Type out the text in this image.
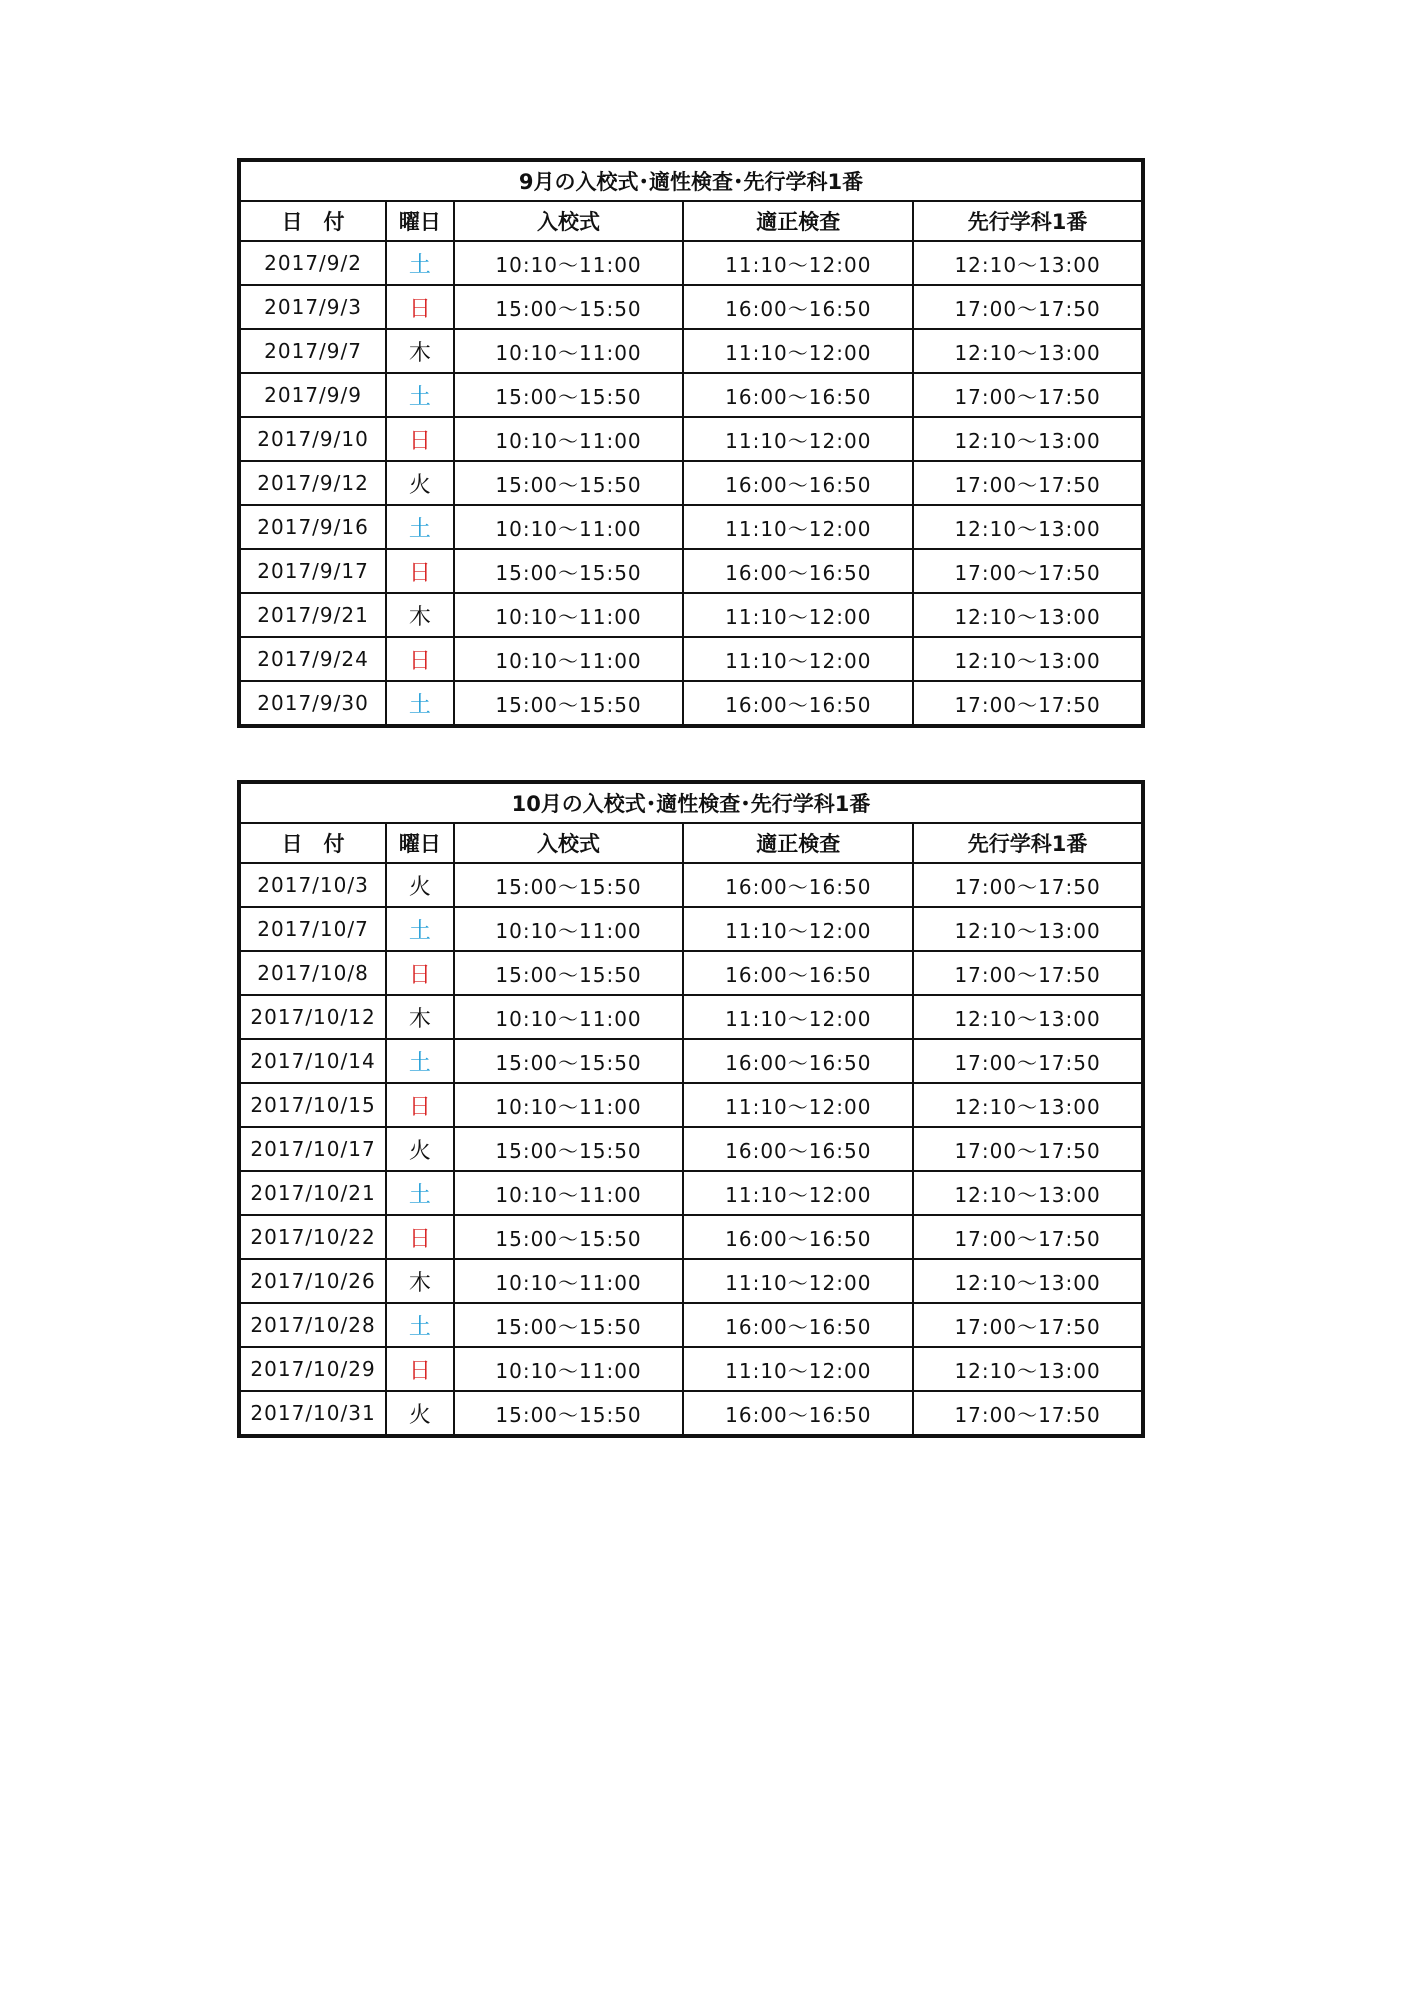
9月の入校式･適性検査･先行学科1番				
日　付	曜日	入校式	適正検査	先行学科1番
2017/9/2	土	10:10～11:00	11:10～12:00	12:10～13:00
2017/9/3	日	15:00～15:50	16:00～16:50	17:00～17:50
2017/9/7	木	10:10～11:00	11:10～12:00	12:10～13:00
2017/9/9	土	15:00～15:50	16:00～16:50	17:00～17:50
2017/9/10	日	10:10～11:00	11:10～12:00	12:10～13:00
2017/9/12	火	15:00～15:50	16:00～16:50	17:00～17:50
2017/9/16	土	10:10～11:00	11:10～12:00	12:10～13:00
2017/9/17	日	15:00～15:50	16:00～16:50	17:00～17:50
2017/9/21	木	10:10～11:00	11:10～12:00	12:10～13:00
2017/9/24	日	10:10～11:00	11:10～12:00	12:10～13:00
2017/9/30	土	15:00～15:50	16:00～16:50	17:00～17:50
10月の入校式･適性検査･先行学科1番				
日　付	曜日	入校式	適正検査	先行学科1番
2017/10/3	火	15:00～15:50	16:00～16:50	17:00～17:50
2017/10/7	土	10:10～11:00	11:10～12:00	12:10～13:00
2017/10/8	日	15:00～15:50	16:00～16:50	17:00～17:50
2017/10/12	木	10:10～11:00	11:10～12:00	12:10～13:00
2017/10/14	土	15:00～15:50	16:00～16:50	17:00～17:50
2017/10/15	日	10:10～11:00	11:10～12:00	12:10～13:00
2017/10/17	火	15:00～15:50	16:00～16:50	17:00～17:50
2017/10/21	土	10:10～11:00	11:10～12:00	12:10～13:00
2017/10/22	日	15:00～15:50	16:00～16:50	17:00～17:50
2017/10/26	木	10:10～11:00	11:10～12:00	12:10～13:00
2017/10/28	土	15:00～15:50	16:00～16:50	17:00～17:50
2017/10/29	日	10:10～11:00	11:10～12:00	12:10～13:00
2017/10/31	火	15:00～15:50	16:00～16:50	17:00～17:50
